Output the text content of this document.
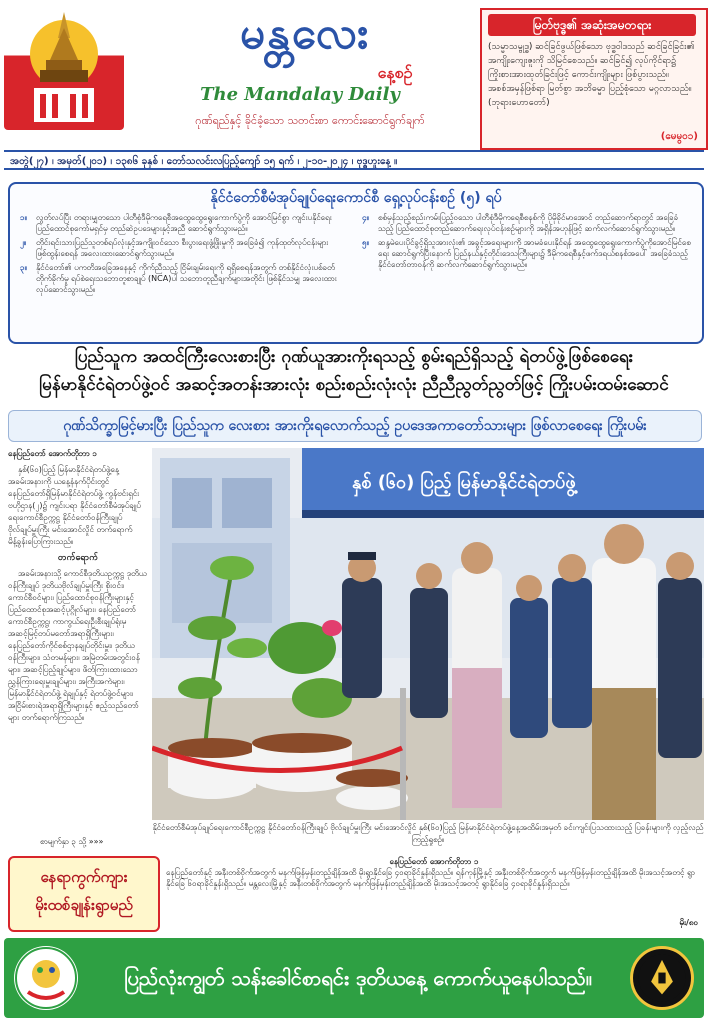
မန္တလေး
နေ့စဉ်
The Mandalay Daily
ဂုဏ်ရည်နှင့် ခိုင်ခံ့သော သတင်းစာ ကောင်းဆောင်ရွက်ချက်
မြတ်ဗုဒ္ဓ၏ အဆုံးအမတရား
(သမ္မာသမ္ဗုဒ္ဓ) ဆင်ခြင်ဖွယ်ဖြစ်သော ဗုဒ္ဓဝါဒသည် ဆင်ခြင်ခြင်း၏ အကျိုးကျေးဇူးကို သိမြင်စေသည်။ ဆင်ခြင်၍ လုပ်ကိုင်ရာ၌ ကြိုးစားအားထုတ်ခြင်းဖြင့် ကောင်းကျိုးများ ဖြစ်ပွားသည်။ အစစ်အမှန်ဖြစ်ရာ မြတ်စွာ အဘိဓမ္မာ ပြည့်စုံသော မဂ္ဂလာသည်။ (ဘုရားဟောတော်)
(မေမွ၀၁)
အတွဲ(၂၇) ၊ အမှတ်(၂၀၁) ၊ ၁၃၈၆ ခုနှစ် ၊ တော်သလင်းလပြည့်ကျော် ၁၅ ရက် ၊ ၂-၁၀-၂၀၂၄ ၊ ဗုဒ္ဓဟူးနေ့ ။
နိုင်ငံတော်စီမံအုပ်ချုပ်ရေးကောင်စီ ရှေ့လုပ်ငန်းစဉ် (၅) ရပ်
၁။	လွတ်လပ်ပြီး တရားမျှတသော ပါတီစုံဒီမိုကရေစီအထွေထွေရွေးကောက်ပွဲကို အောင်မြင်စွာ ကျင်းပနိုင်ရေး ပြည်ထောင်စုကော်မရှင်မှ တည်ဆဲဥပဒေများနှင့်အညီ ဆောင်ရွက်သွားမည်။
၂။	တိုင်းရင်းသားပြည်သူတစ်ရပ်လုံးနှင့်အကျိုးဝင်သော စီးပွားရေးဖွံ့ဖြိုးမှုကို အခြေခံ၍ ကုန်ထုတ်လုပ်ငန်းများ ဖြစ်ထွန်းစေရန် အလေးထားဆောင်ရွက်သွားမည်။
၃။	နိုင်ငံတော်၏ ပကတိအခြေအနေနှင့် ကိုက်ညီသည့် ငြိမ်းချမ်းရေးကို ရရှိစေရန်အတွက် တစ်နိုင်ငံလုံးပစ်ခတ်တိုက်ခိုက်မှု ရပ်စဲရေးသဘောတူစာချုပ် (NCA)ပါ သဘောတူညီချက်များအတိုင်း ဖြစ်နိုင်သမျှ အလေးထားလုပ်ဆောင်သွားမည်။
၄။	စစ်မှန်သည့်စည်းကမ်းပြည့်ဝသော ပါတီစုံဒီမိုကရေစီစနစ်ကို ပိုမိုခိုင်မာအောင် တည်ဆောက်ရာတွင် အခြေခံသည့် ပြည်ထောင်စုတည်ဆောက်ရေးလုပ်ငန်းစဉ်များကို အရှိန်အဟုန်ဖြင့် ဆက်လက်ဆောင်ရွက်သွားမည်။
၅။	ဆန္ဒမဲပေးပိုင်ခွင့်ရှိသူအားလုံး၏ အခွင့်အရေးများကို အာမခံပေးနိုင်ရန် အထွေထွေရွေးကောက်ပွဲကိုအောင်မြင်စေရေး ဆောင်ရွက်ပြီးနောက် ပြည်နယ်နှင့်တိုင်းဒေသကြီးများ၌ ဒီမိုကရေစီနှင့်ဖက်ဒရယ်စနစ်အပေါ် အခြေခံသည့် နိုင်ငံတော်တာဝန်ကို ဆက်လက်ဆောင်ရွက်သွားမည်။
ပြည်သူက အထင်ကြီးလေးစားပြီး ဂုဏ်ယူအားကိုးရသည့် စွမ်းရည်ရှိသည့် ရဲတပ်ဖွဲ့ဖြစ်စေရေး
မြန်မာနိုင်ငံရဲတပ်ဖွဲ့ဝင် အဆင့်အတန်းအားလုံး စည်းစည်းလုံးလုံး ညီညီညွတ်ညွတ်ဖြင့် ကြိုးပမ်းထမ်းဆောင်
ဂုဏ်သိက္ခာမြင့်မားပြီး ပြည်သူက လေးစား အားကိုးရလောက်သည့် ဥပဒေအကာတော်သားများ ဖြစ်လာစေရေး ကြိုးပမ်း

နေပြည်တော် အောက်တိုဘာ ၁

နှစ်(၆၀)ပြည့် မြန်မာနိုင်ငံရဲတပ်ဖွဲ့နေ့အခမ်းအနားကို ယနေ့နံနက်ပိုင်းတွင် နေပြည်တော်ရှိမြန်မာနိုင်ငံရဲတပ်ဖွဲ့ ကွန်ဗင်းရှင်းဗဟိုဌာန(၂)၌ ကျင်းပရာ နိုင်ငံတော်စီမံအုပ်ချုပ်ရေးကောင်စီဥက္ကဋ္ဌ နိုင်ငံတော်ဝန်ကြီးချုပ် ဗိုလ်ချုပ်မှူးကြီး မင်းအောင်လှိုင် တက်ရောက်မိန့်ခွန်းပြောကြားသည်။

တက်ရောက်

အခမ်းအနားသို့ ကောင်စီဒုတိယဥက္ကဋ္ဌ ဒုတိယဝန်ကြီးချုပ် ဒုတိယဗိုလ်ချုပ်မှူးကြီး စိုးဝင်း၊ ကောင်စီဝင်များ၊ ပြည်ထောင်စုဝန်ကြီးများနှင့် ပြည်ထောင်စုအဆင့်ပုဂ္ဂိုလ်များ၊ နေပြည်တော်ကောင်စီဥက္ကဋ္ဌ၊ ကာကွယ်ရေးဦးစီးချုပ်ရုံးမှ အဆင့်မြင့်တပ်မတော်အရာရှိကြီးများ၊ နေပြည်တော်ကိုင်စစ်ဌာနချုပ်တိုင်းမှူး၊ ဒုတိယဝန်ကြီးများ၊ သံတမန်များ၊ အမြဲတမ်းအတွင်းဝန်များ၊ အဆင့်ပြည့်ချုပ်များ၊ ဖိတ်ကြားထားသော ညွှန်ကြားရေးမှူးချုပ်များ၊ အကြီးအကဲများ၊ မြန်မာနိုင်ငံရဲတပ်ဖွဲ့ ရဲချုပ်နှင့် ရဲတပ်ဖွဲ့ဝင်များ၊ အငြိမ်းစားရဲအရာရှိကြီးများနှင့် ဧည့်သည်တော်များ တက်ရောက်ကြသည်။

စာမျက်နှာ ၃ သို့ »»»
နှစ် (၆၀) ပြည့် မြန်မာနိုင်ငံရဲတပ်ဖွဲ့
နိုင်ငံတော်စီမံအုပ်ချုပ်ရေးကောင်စီဥက္ကဋ္ဌ နိုင်ငံတော်ဝန်ကြီးချုပ် ဗိုလ်ချုပ်မှူးကြီး မင်းအောင်လှိုင် နှစ်(၆၀)ပြည့် မြန်မာနိုင်ငံရဲတပ်ဖွဲ့နေ့အထိမ်းအမှတ် ခင်းကျင်းပြသထားသည့် ပြခန်းများကို လှည့်လည်ကြည့်ရှုစဉ်။
နေရာကွက်ကျား
မိုးထစ်ချုန်းရွာမည်
နေပြည်တော် အောက်တိုဘာ ၁
နေပြည်တော်နှင့် အနီးတစ်ဝိုက်အတွက် မနက်ဖြန်မှန်းတည့်ချိန်အထိ မိုးရွာနိုင်ခြေ ၄၀ရာခိုင်နှုန်းရှိသည်။ ရန်ကုန်မြို့နှင့် အနီးတစ်ဝိုက်အတွက် မနက်ဖြန်မှန်းတည့်ချိန်အထိ မိုးအသင့်အတင့် ရွာနိုင်ခြေ ၆၀ရာခိုင်နှုန်းရှိသည်။ မန္တလေးမြို့နှင့် အနီးတစ်ဝိုက်အတွက် မနက်ဖြန်မှန်းတည့်ချိန်အထိ မိုးအသင့်အတင့် ရွာနိုင်ခြေ ၄၀ရာခိုင်နှုန်းရှိသည်။
မိုး/၈၀
ပြည်လုံးကျွတ် သန်းခေါင်စာရင်း ဒုတိယနေ့ ကောက်ယူနေပါသည်။
